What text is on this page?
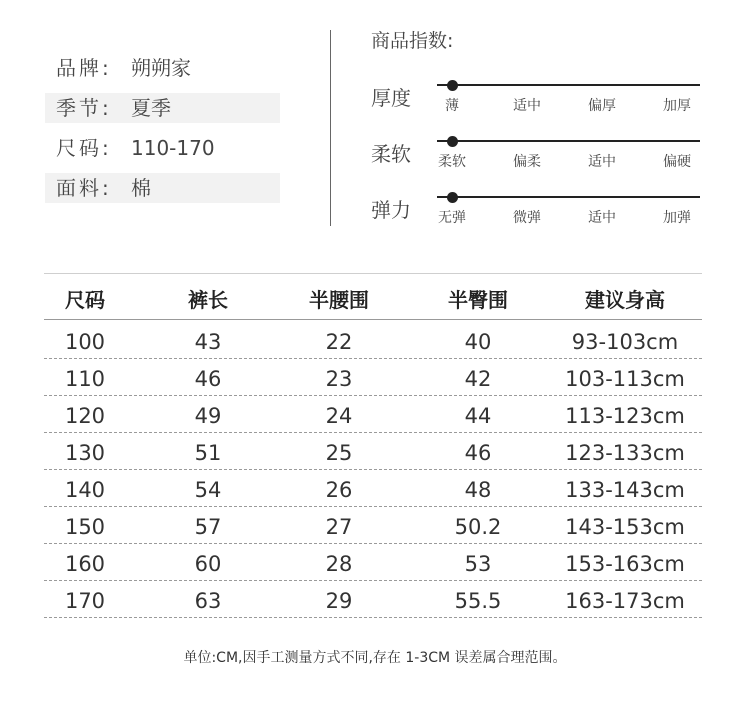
品牌: 朔朔家
季节: 夏季
尺码: 110-170
面料: 棉
商品指数:
厚度	薄	适中	偏厚	加厚
柔软	柔软	偏柔	适中	偏硬
弹力	无弹	微弹	适中	加弹
尺码	裤长	半腰围	半臀围	建议身高
100	43	22	40	93-103cm
110	46	23	42	103-113cm
120	49	24	44	113-123cm
130	51	25	46	123-133cm
140	54	26	48	133-143cm
150	57	27	50.2	143-153cm
160	60	28	53	153-163cm
170	63	29	55.5	163-173cm
单位:CM,因手工测量方式不同,存在 1-3CM 误差属合理范围。
